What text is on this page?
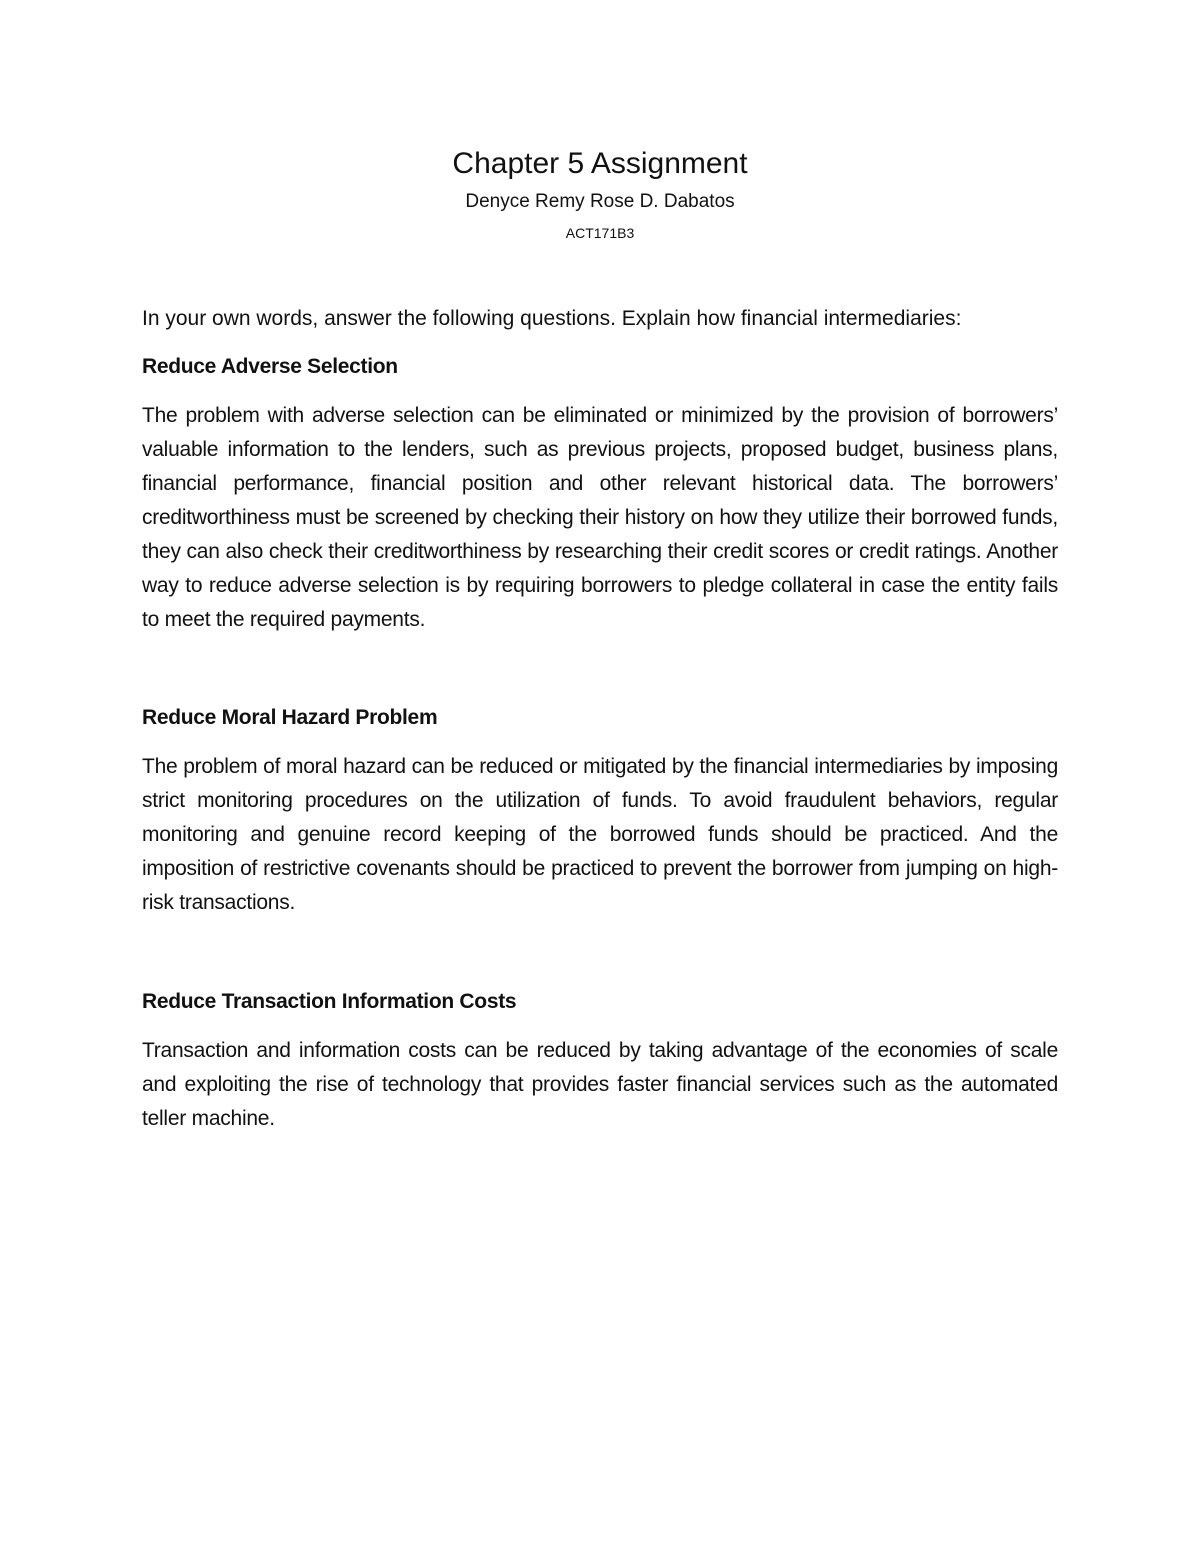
Chapter 5 Assignment

Denyce Remy Rose D. Dabatos

ACT171B3

In your own words, answer the following questions. Explain how financial intermediaries:

Reduce Adverse Selection

The problem with adverse selection can be eliminated or minimized by the provision of borrowers’ valuable information to the lenders, such as previous projects, proposed budget, business plans, financial performance, financial position and other relevant historical data. The borrowers’ creditworthiness must be screened by checking their history on how they utilize their borrowed funds, they can also check their creditworthiness by researching their credit scores or credit ratings. Another way to reduce adverse selection is by requiring borrowers to pledge collateral in case the entity fails to meet the required payments.

Reduce Moral Hazard Problem

The problem of moral hazard can be reduced or mitigated by the financial intermediaries by imposing strict monitoring procedures on the utilization of funds. To avoid fraudulent behaviors, regular monitoring and genuine record keeping of the borrowed funds should be practiced. And the imposition of restrictive covenants should be practiced to prevent the borrower from jumping on high-risk transactions.

Reduce Transaction Information Costs

Transaction and information costs can be reduced by taking advantage of the economies of scale and exploiting the rise of technology that provides faster financial services such as the automated teller machine.
